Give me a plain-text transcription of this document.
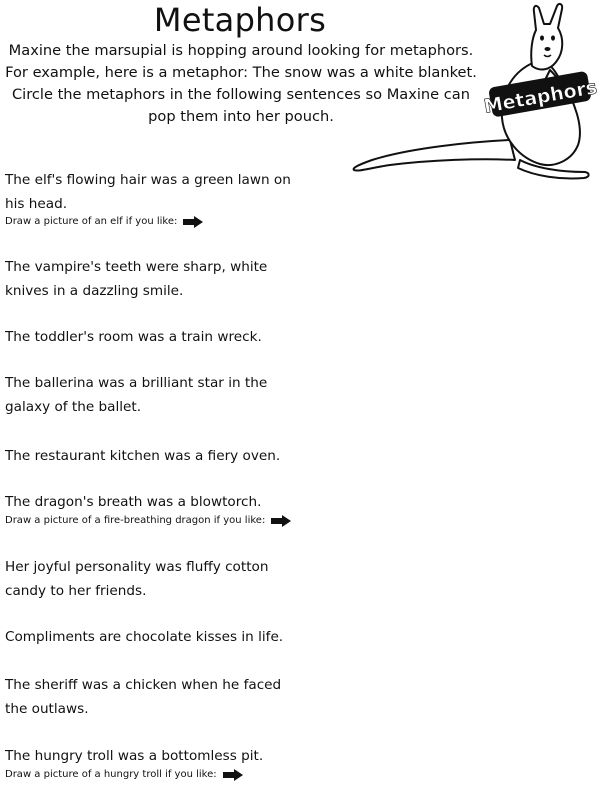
Metaphors
Maxine the marsupial is hopping around looking for metaphors.
For example, here is a metaphor: The snow was a white blanket.
Circle the metaphors in the following sentences so Maxine can
pop them into her pouch.	Metaphors
The elf's flowing hair was a green lawn on
his head.
Draw a picture of an elf if you like:
The vampire's teeth were sharp, white
knives in a dazzling smile.
The toddler's room was a train wreck.
The ballerina was a brilliant star in the
galaxy of the ballet.
The restaurant kitchen was a fiery oven.
The dragon's breath was a blowtorch.
Draw a picture of a fire-breathing dragon if you like:
Her joyful personality was fluffy cotton
candy to her friends.
Compliments are chocolate kisses in life.
The sheriff was a chicken when he faced
the outlaws.
The hungry troll was a bottomless pit.
Draw a picture of a hungry troll if you like:
